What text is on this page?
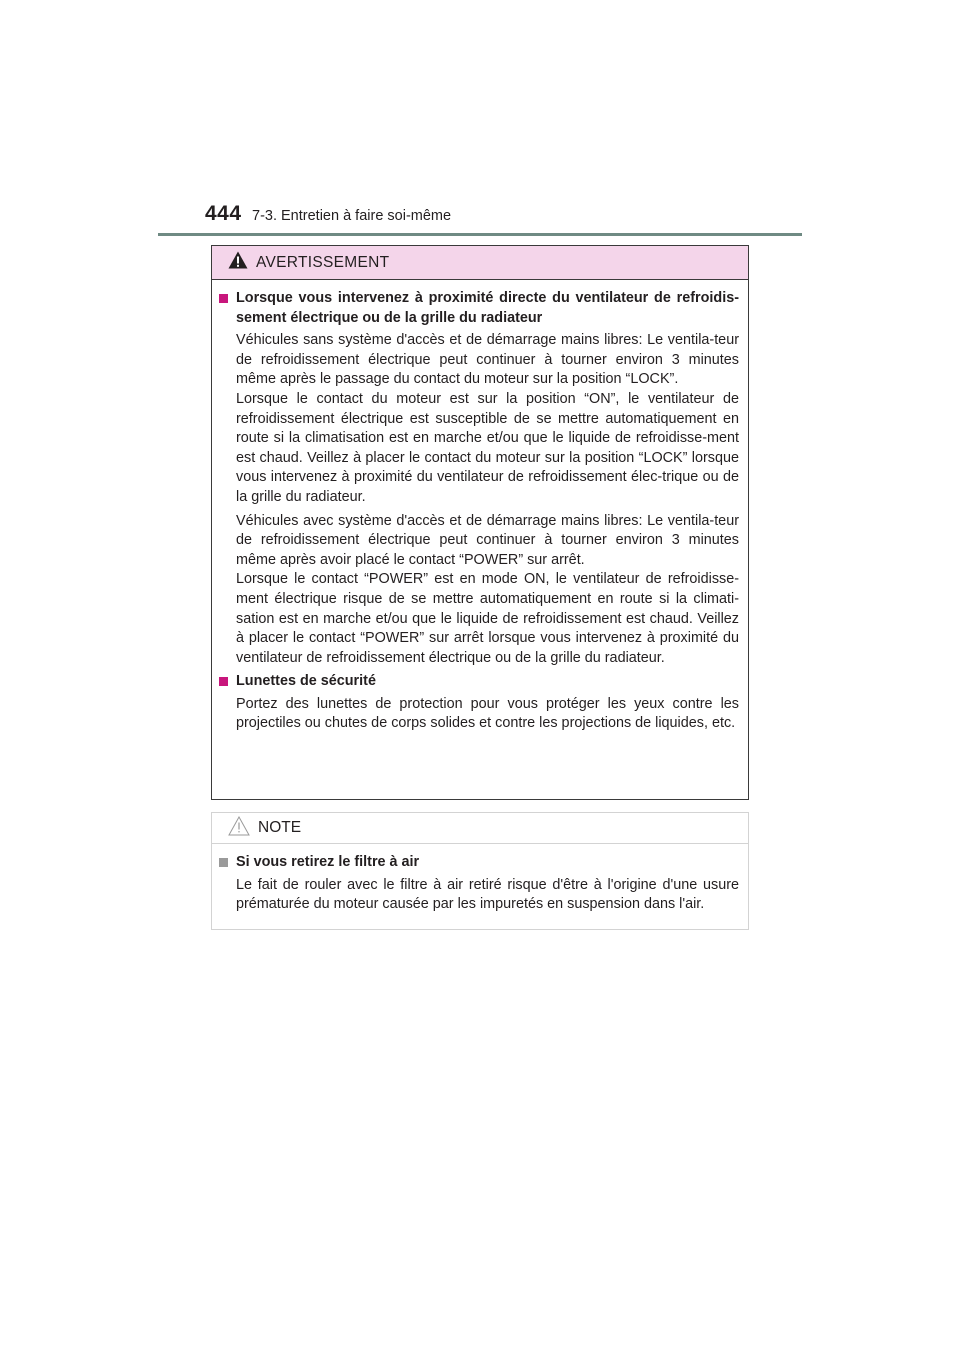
444 7-3. Entretien à faire soi-même
AVERTISSEMENT
Lorsque vous intervenez à proximité directe du ventilateur de refroidis-sement électrique ou de la grille du radiateur
Véhicules sans système d'accès et de démarrage mains libres: Le ventila-teur de refroidissement électrique peut continuer à tourner environ 3 minutes même après le passage du contact du moteur sur la position “LOCK”.
Lorsque le contact du moteur est sur la position “ON”, le ventilateur de refroidissement électrique est susceptible de se mettre automatiquement en route si la climatisation est en marche et/ou que le liquide de refroidisse-ment est chaud. Veillez à placer le contact du moteur sur la position “LOCK” lorsque vous intervenez à proximité du ventilateur de refroidissement élec-trique ou de la grille du radiateur.
Véhicules avec système d'accès et de démarrage mains libres: Le ventila-teur de refroidissement électrique peut continuer à tourner environ 3 minutes même après avoir placé le contact “POWER” sur arrêt.
Lorsque le contact “POWER” est en mode ON, le ventilateur de refroidisse-ment électrique risque de se mettre automatiquement en route si la climati-sation est en marche et/ou que le liquide de refroidissement est chaud. Veillez à placer le contact “POWER” sur arrêt lorsque vous intervenez à proximité du ventilateur de refroidissement électrique ou de la grille du radiateur.
Lunettes de sécurité
Portez des lunettes de protection pour vous protéger les yeux contre les projectiles ou chutes de corps solides et contre les projections de liquides, etc.
NOTE
Si vous retirez le filtre à air
Le fait de rouler avec le filtre à air retiré risque d'être à l'origine d'une usure prématurée du moteur causée par les impuretés en suspension dans l'air.
